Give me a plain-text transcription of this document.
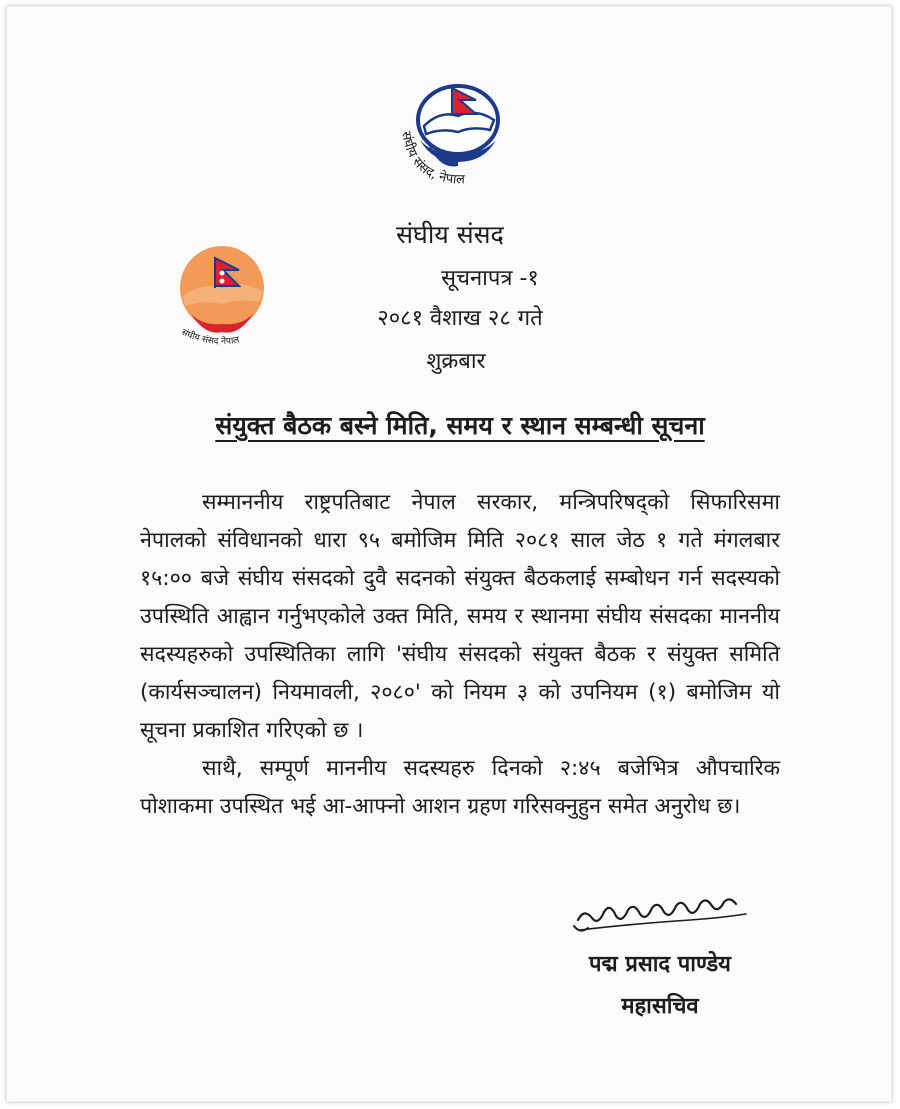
संघीय संसद, नेपाल
संघीय संसद नेपाल
संघीय संसद
सूचनापत्र -१
२०८१ वैशाख २८ गते
शुक्रबार
संयुक्त बैठक बस्ने मिति, समय र स्थान सम्बन्धी सूचना

सम्माननीय राष्ट्रपतिबाट नेपाल सरकार, मन्त्रिपरिषद्को सिफारिसमा नेपालको संविधानको धारा ९५ बमोजिम मिति २०८१ साल जेठ १ गते मंगलबार १५:०० बजे संघीय संसदको दुवै सदनको संयुक्त बैठकलाई सम्बोधन गर्न सदस्यको उपस्थिति आह्वान गर्नुभएकोले उक्त मिति, समय र स्थानमा संघीय संसदका माननीय सदस्यहरुको उपस्थितिका लागि 'संघीय संसदको संयुक्त बैठक र संयुक्त समिति (कार्यसञ्चालन) नियमावली, २०८०' को नियम ३ को उपनियम (१) बमोजिम यो सूचना प्रकाशित गरिएको छ ।

साथै, सम्पूर्ण माननीय सदस्यहरु दिनको २:४५ बजेभित्र औपचारिक पोशाकमा उपस्थित भई आ-आफ्नो आशन ग्रहण गरिसक्नुहुन समेत अनुरोध छ।

पद्म प्रसाद पाण्डेय
महासचिव
